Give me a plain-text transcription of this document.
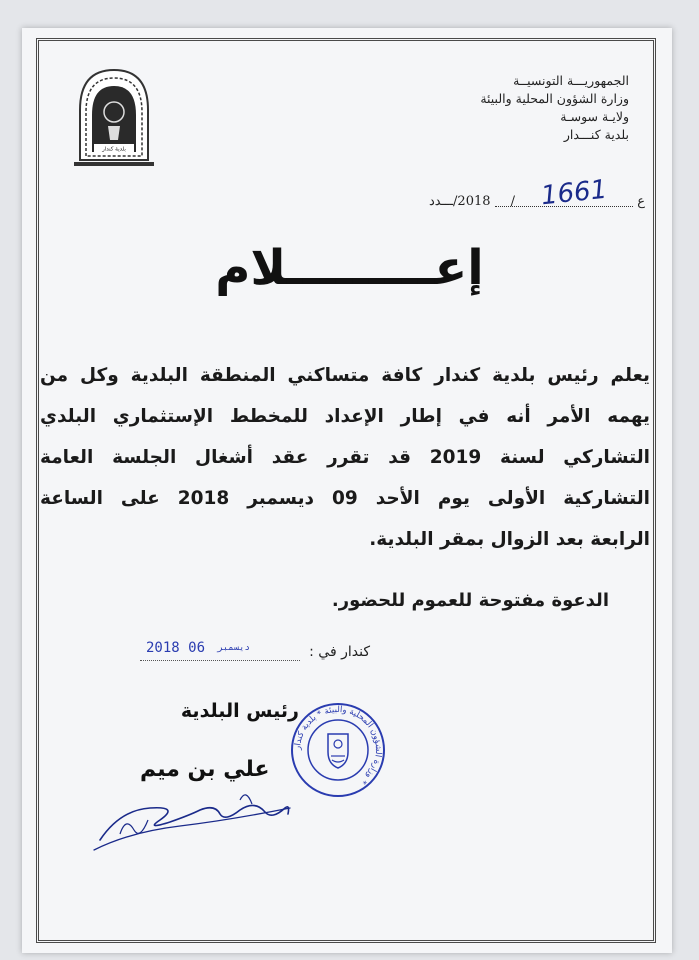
بلدية كندار
الجمهوريـــة التونسيــة
وزارة الشؤون المحلية والبيئة
ولايـة سوسـة
بلدية كنـــدار
ع
1661
/
2018/ـــدد
إعـــــــــلام
يعلم رئيس بلدية كندار كافة متساكني المنطقة البلدية وكل من
يهمه الأمر أنه في إطار الإعداد للمخطط الإستثماري البلدي
التشاركي لسنة 2019 قد تقرر عقد أشغال الجلسة العامة
التشاركية الأولى يوم الأحد 09 ديسمبر 2018 على الساعة
الرابعة بعد الزوال بمقر البلدية.
الدعوة مفتوحة للعموم للحضور.
كندار في :
2018	ديسمبر 06
رئيس البلدية
وزارة الشؤون المحلية والبيئة * بلدية كندار *
علي بن ميم
